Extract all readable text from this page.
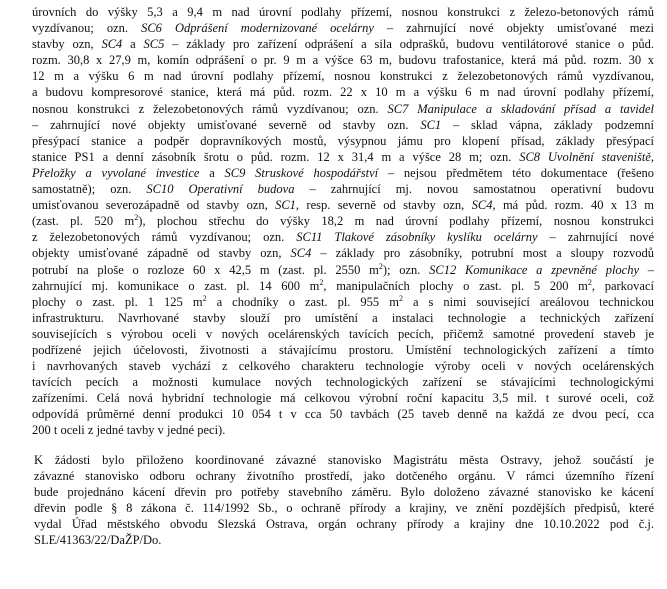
úrovních do výšky 5,3 a 9,4 m nad úrovní podlahy přízemí, nosnou konstrukci z železo-betonových rámů
vyzdívanou; ozn. SC6 Odprášení modernizované ocelárny – zahrnující nové objekty umisťované mezi
stavby ozn, SC4 a SC5 – základy pro zařízení odprášení a sila odprašků, budovu ventilátorové stanice o půd.
rozm. 30,8 x 27,9 m, komín odprášení o pr. 9 m a výšce 63 m, budovu trafostanice, která má půd. rozm. 30 x
12 m a výšku 6 m nad úrovní podlahy přízemí, nosnou konstrukci z železobetonových rámů vyzdívanou,
a budovu kompresorové stanice, která má půd. rozm. 22 x 10 m a výšku 6 m nad úrovní podlahy přízemí,
nosnou konstrukci z železobetonových rámů vyzdívanou; ozn. SC7 Manipulace a skladování přísad a tavidel
– zahrnující nové objekty umisťované severně od stavby ozn. SC1 – sklad vápna, základy podzemní
přesýpací stanice a podpěr dopravníkových mostů, výsypnou jámu pro klopení přísad, základy přesýpací
stanice PS1 a denní zásobník šrotu o půd. rozm. 12 x 31,4 m a výšce 28 m; ozn. SC8 Uvolnění staveniště,
Přeložky a vyvolané investice a SC9 Struskové hospodářství – nejsou předmětem této dokumentace (řešeno
samostatně); ozn. SC10 Operativní budova – zahrnující mj. novou samostatnou operativní budovu
umisťovanou severozápadně od stavby ozn, SC1, resp. severně od stavby ozn, SC4, má půd. rozm. 40 x 13 m
(zast. pl. 520 $m^2$), plochou střechu do výšky 18,2 m nad úrovní podlahy přízemí, nosnou konstrukci
z železobetonových rámů vyzdívanou; ozn. SC11 Tlakové zásobníky kyslíku ocelárny – zahrnující nové
objekty umisťované západně od stavby ozn, SC4 – základy pro zásobníky, potrubní most a sloupy rozvodů
potrubí na ploše o rozloze 60 x 42,5 m (zast. pl. 2550 $m^2$); ozn. SC12 Komunikace a zpevněné plochy –
zahrnující mj. komunikace o zast. pl. 14 600 $m^2$, manipulačních plochy o zast. pl. 5 200 $m^2$, parkovací
plochy o zast. pl. 1 125 $m^2$ a chodníky o zast. pl. 955 $m^2$ a s nimi související areálovou technickou
infrastrukturu. Navrhované stavby slouží pro umístění a instalaci technologie a technických zařízení
souvisejících s výrobou oceli v nových ocelárenských tavících pecích, přičemž samotné provedení staveb je
podřízené jejich účelovosti, životnosti a stávajícímu prostoru. Umístění technologických zařízení a tímto
i navrhovaných staveb vychází z celkového charakteru technologie výroby oceli v nových ocelárenských
tavících pecích a možnosti kumulace nových technologických zařízení se stávajícími technologickými
zařízeními. Celá nová hybridní technologie má celkovou výrobní roční kapacitu 3,5 mil. t surové oceli, což
odpovídá průměrné denní produkci 10 054 t v cca 50 tavbách (25 taveb denně na každá ze dvou pecí, cca
200 t oceli z jedné tavby v jedné peci).
K žádosti bylo přiloženo koordinované závazné stanovisko Magistrátu města Ostravy, jehož součástí je
závazné stanovisko odboru ochrany životního prostředí, jako dotčeného orgánu. V rámci územního řízení
bude projednáno kácení dřevin pro potřeby stavebního záměru. Bylo doloženo závazné stanovisko ke kácení
dřevin podle § 8 zákona č. 114/1992 Sb., o ochraně přírody a krajiny, ve znění pozdějších předpisů, které
vydal Úřad městského obvodu Slezská Ostrava, orgán ochrany přírody a krajiny dne 10.10.2022 pod č.j.
SLE/41363/22/DaŽP/Do.
